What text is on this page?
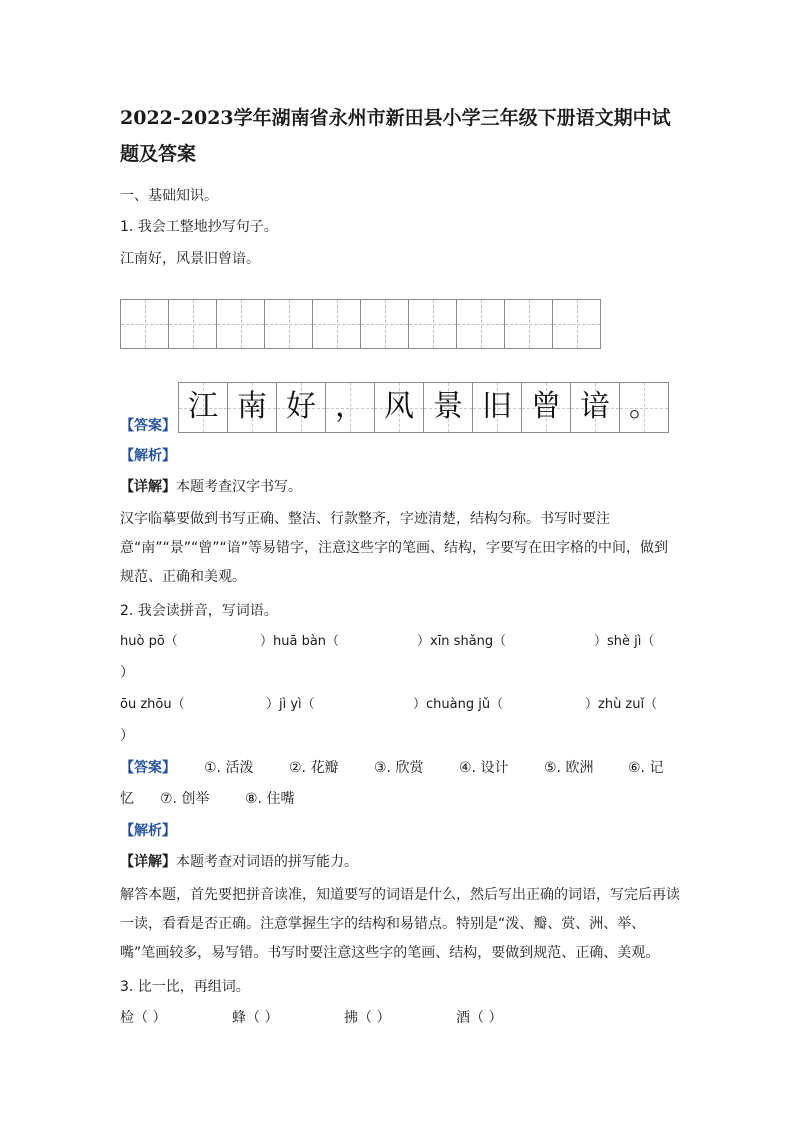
2022-2023学年湖南省永州市新田县小学三年级下册语文期中试题及答案
一、基础知识。
1. 我会工整地抄写句子。
江南好，风景旧曾谙。
【答案】
江 南 好 ， 风 景 旧 曾 谙 。
【解析】
【详解】本题考查汉字书写。
汉字临摹要做到书写正确、整洁、行款整齐，字迹清楚，结构匀称。书写时要注意“南”“景”“曾”“谙”等易错字，注意这些字的笔画、结构，字要写在田字格的中间，做到规范、正确和美观。
2. 我会读拼音，写词语。
huò pō（	）huā bàn（	）xīn shǎng（	）shè jì（
）
ōu zhōu（	）jì yì（	）chuàng jǔ（	）zhù zuǐ（
）
【答案】 ①. 活泼	②. 花瓣	③. 欣赏	④. 设计	⑤. 欧洲 ⑥. 记
忆 ⑦. 创举	⑧. 住嘴
【解析】
【详解】本题考查对词语的拼写能力。
解答本题，首先要把拼音读准，知道要写的词语是什么，然后写出正确的词语，写完后再读一读，看看是否正确。注意掌握生字的结构和易错点。特别是“泼、瓣、赏、洲、举、嘴”笔画较多，易写错。书写时要注意这些字的笔画、结构，要做到规范、正确、美观。
3. 比一比，再组词。
检（ ）	蜂（ ）	拂（ ）	酒（ ）
